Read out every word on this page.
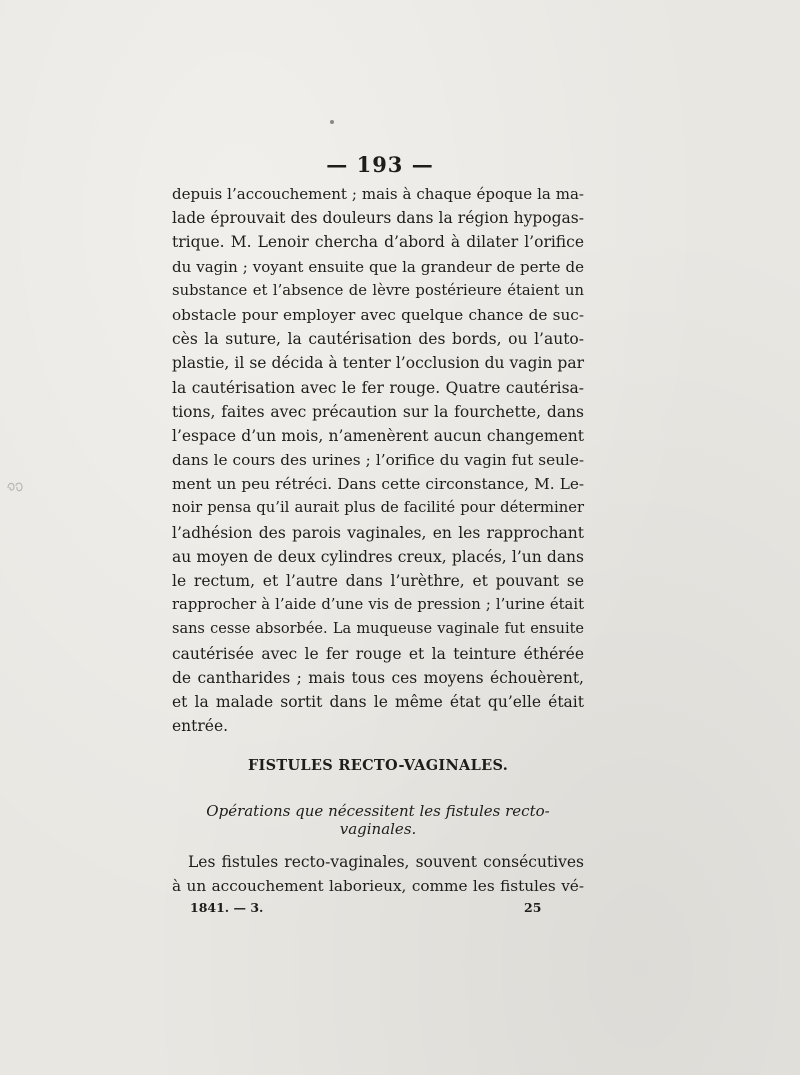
— 193 —
depuis l’accouchement ; mais à chaque époque la ma-
lade éprouvait des douleurs dans la région hypogas-
trique. M. Lenoir chercha d’abord à dilater l’orifice
du vagin ; voyant ensuite que la grandeur de perte de
substance et l’absence de lèvre postérieure étaient un
obstacle pour employer avec quelque chance de suc-
cès la suture, la cautérisation des bords, ou l’auto-
plastie, il se décida à tenter l’occlusion du vagin par
la cautérisation avec le fer rouge. Quatre cautérisa-
tions, faites avec précaution sur la fourchette, dans
l’espace d’un mois, n’amenèrent aucun changement
dans le cours des urines ; l’orifice du vagin fut seule-
ment un peu rétréci. Dans cette circonstance, M. Le-
noir pensa qu’il aurait plus de facilité pour déterminer
l’adhésion des parois vaginales, en les rapprochant
au moyen de deux cylindres creux, placés, l’un dans
le rectum, et l’autre dans l’urèthre, et pouvant se
rapprocher à l’aide d’une vis de pression ; l’urine était
sans cesse absorbée. La muqueuse vaginale fut ensuite
cautérisée avec le fer rouge et la teinture éthérée
de cantharides ; mais tous ces moyens échouèrent,
et la malade sortit dans le même état qu’elle était
entrée.
FISTULES RECTO-VAGINALES.
Opérations que nécessitent les fistules recto-vaginales.
Les fistules recto-vaginales, souvent consécutives
à un accouchement laborieux, comme les fistules vé-
1841. — 3.	25
